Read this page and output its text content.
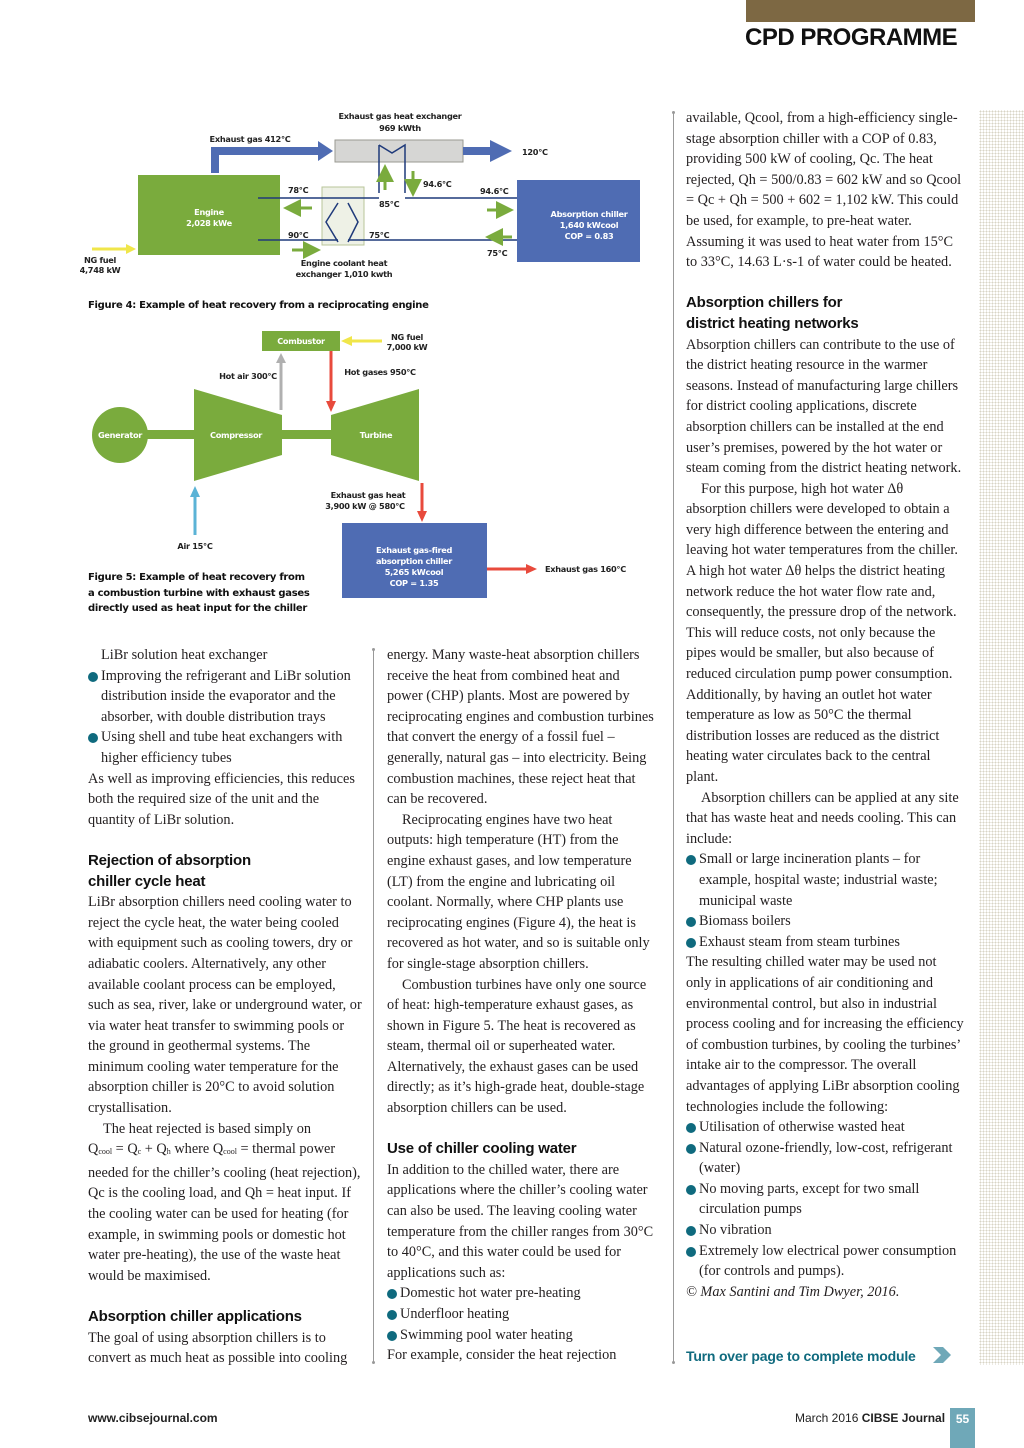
CPD PROGRAMME
Engine
2,028 kWe
NG fuel
4,748 kW
Absorption chiller
1,640 kWcool
COP = 0.83
Exhaust gas heat exchanger
969 kWth
Exhaust gas 412°C
120°C
78°C
90°C
85°C
94.6°C
94.6°C
75°C
75°C
Engine coolant heat
exchanger 1,010 kwth
Figure 4: Example of heat recovery from a reciprocating engine
Combustor	NG fuel
7,000 kW
Hot air 300°C	Hot gases 950°C
Generator	Compressor	Turbine
Air 15°C
Exhaust gas heat
3,900 kW @ 580°C
Exhaust gas-fired
absorption chiller
5,265 kWcool
COP = 1.35
Exhaust gas 160°C
Figure 5: Example of heat recovery from
a combustion turbine with exhaust gases
directly used as heat input for the chiller

LiBr solution heat exchanger

Improving the refrigerant and LiBr solution distribution inside the evaporator and the absorber, with double distribution trays

Using shell and tube heat exchangers with higher efficiency tubes

As well as improving efficiencies, this reduces both the required size of the unit and the quantity of LiBr solution.

Rejection of absorption chiller cycle heat

LiBr absorption chillers need cooling water to reject the cycle heat, the water being cooled with equipment such as cooling towers, dry or adiabatic coolers. Alternatively, any other available coolant process can be employed, such as sea, river, lake or underground water, or via water heat transfer to swimming pools or the ground in geothermal systems. The minimum cooling water temperature for the absorption chiller is 20°C to avoid solution crystallisation.

The heat rejected is based simply on
Qcool = Qc + Qh where Qcool = thermal power needed for the chiller’s cooling (heat rejection), Qc is the cooling load, and Qh = heat input. If the cooling water can be used for heating (for example, in swimming pools or domestic hot water pre-heating), the use of the waste heat would be maximised.

Absorption chiller applications

The goal of using absorption chillers is to convert as much heat as possible into cooling

energy. Many waste-heat absorption chillers receive the heat from combined heat and power (CHP) plants. Most are powered by reciprocating engines and combustion turbines that convert the energy of a fossil fuel – generally, natural gas – into electricity. Being combustion machines, these reject heat that can be recovered.

Reciprocating engines have two heat outputs: high temperature (HT) from the engine exhaust gases, and low temperature (LT) from the engine and lubricating oil coolant. Normally, where CHP plants use reciprocating engines (Figure 4), the heat is recovered as hot water, and so is suitable only for single-stage absorption chillers.

Combustion turbines have only one source of heat: high-temperature exhaust gases, as shown in Figure 5. The heat is recovered as steam, thermal oil or superheated water. Alternatively, the exhaust gases can be used directly; as it’s high-grade heat, double-stage absorption chillers can be used.

Use of chiller cooling water

In addition to the chilled water, there are applications where the chiller’s cooling water can also be used. The leaving cooling water temperature from the chiller ranges from 30°C to 40°C, and this water could be used for applications such as:

Domestic hot water pre-heating

Underfloor heating

Swimming pool water heating

For example, consider the heat rejection

available, Qcool, from a high-efficiency single-stage absorption chiller with a COP of 0.83, providing 500 kW of cooling, Qc. The heat rejected, Qh = 500/0.83 = 602 kW and so Qcool = Qc + Qh = 500 + 602 = 1,102 kW. This could be used, for example, to pre-heat water. Assuming it was used to heat water from 15°C to 33°C, 14.63 L·s-1 of water could be heated.

Absorption chillers for district heating networks

Absorption chillers can contribute to the use of the district heating resource in the warmer seasons. Instead of manufacturing large chillers for district cooling applications, discrete absorption chillers can be installed at the end user’s premises, powered by the hot water or steam coming from the district heating network.

For this purpose, high hot water Δθ absorption chillers were developed to obtain a very high difference between the entering and leaving hot water temperatures from the chiller. A high hot water Δθ helps the district heating network reduce the hot water flow rate and, consequently, the pressure drop of the network. This will reduce costs, not only because the pipes would be smaller, but also because of reduced circulation pump power consumption. Additionally, by having an outlet hot water temperature as low as 50°C the thermal distribution losses are reduced as the district heating water circulates back to the central plant.

Absorption chillers can be applied at any site that has waste heat and needs cooling. This can include:

Small or large incineration plants – for example, hospital waste; industrial waste; municipal waste

Biomass boilers

Exhaust steam from steam turbines

The resulting chilled water may be used not only in applications of air conditioning and environmental control, but also in industrial process cooling and for increasing the efficiency of combustion turbines, by cooling the turbines’ intake air to the compressor. The overall advantages of applying LiBr absorption cooling technologies include the following:

Utilisation of otherwise wasted heat

Natural ozone-friendly, low-cost, refrigerant (water)

No moving parts, except for two small circulation pumps

No vibration

Extremely low electrical power consumption (for controls and pumps).

© Max Santini and Tim Dwyer, 2016.

Turn over page to complete module
www.cibsejournal.com	March 2016 CIBSE Journal 55
